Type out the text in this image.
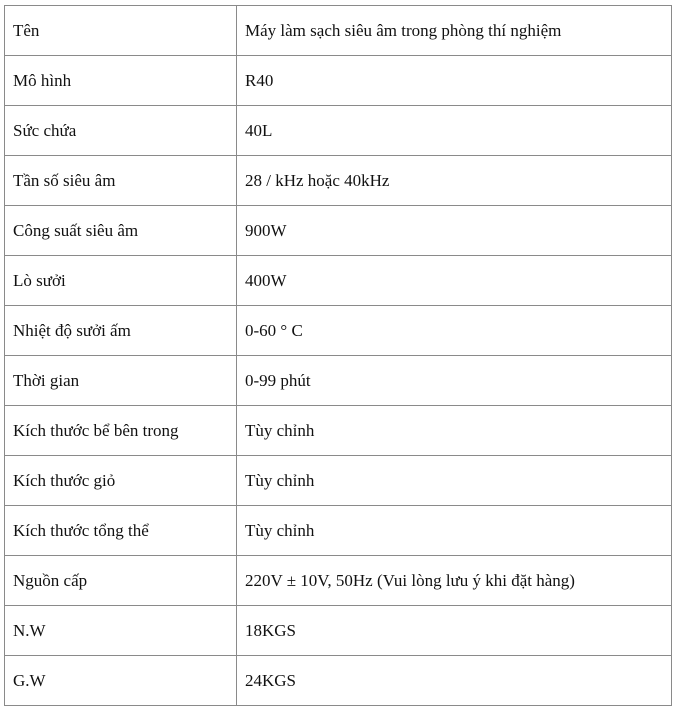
Tên	Máy làm sạch siêu âm trong phòng thí nghiệm
Mô hình	R40
Sức chứa	40L
Tần số siêu âm	28 / kHz hoặc 40kHz
Công suất siêu âm	900W
Lò sưởi	400W
Nhiệt độ sưởi ấm	0-60 ° C
Thời gian	0-99 phút
Kích thước bể bên trong	Tùy chỉnh
Kích thước giỏ	Tùy chỉnh
Kích thước tổng thể	Tùy chỉnh
Nguồn cấp	220V ± 10V, 50Hz (Vui lòng lưu ý khi đặt hàng)
N.W	18KGS
G.W	24KGS
